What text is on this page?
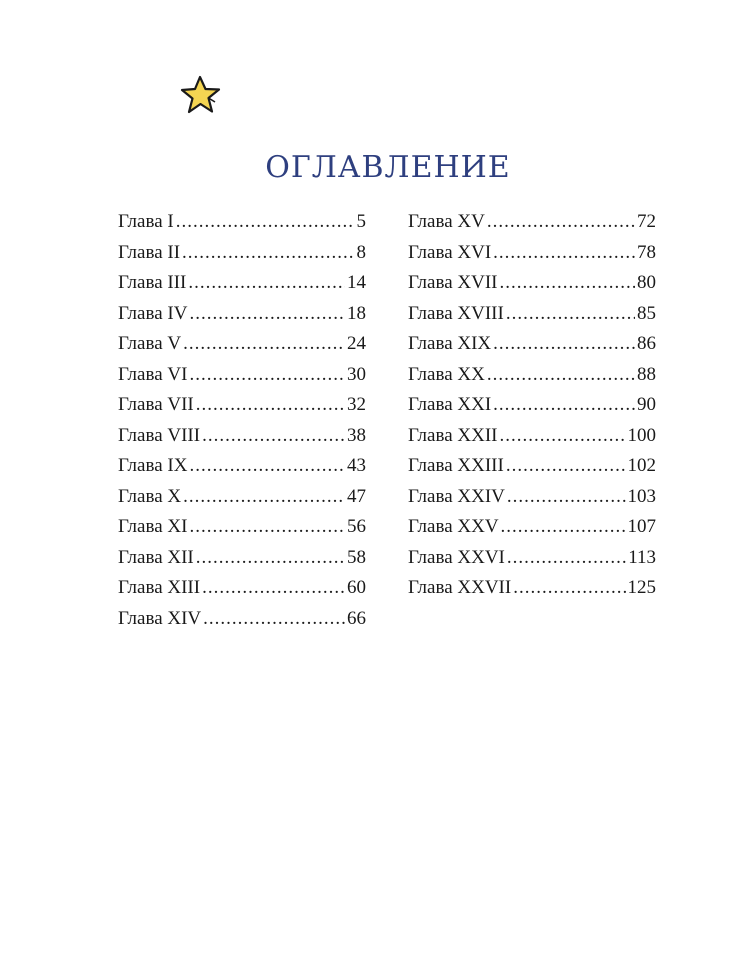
ОГЛАВЛЕНИЕ
Глава I .....	5
Глава II .....	8
Глава III .....	14
Глава IV .....	18
Глава V .....	24
Глава VI .....	30
Глава VII .....	32
Глава VIII .....	38
Глава IX .....	43
Глава X .....	47
Глава XI .....	56
Глава XII .....	58
Глава XIII .....	60
Глава XIV .....	66
Глава XV .....	72
Глава XVI .....	78
Глава XVII .....	80
Глава XVIII .....	85
Глава XIX .....	86
Глава XX .....	88
Глава XXI .....	90
Глава XXII .....	100
Глава XXIII .....	102
Глава XXIV .....	103
Глава XXV .....	107
Глава XXVI .....	113
Глава XXVII .....	125
